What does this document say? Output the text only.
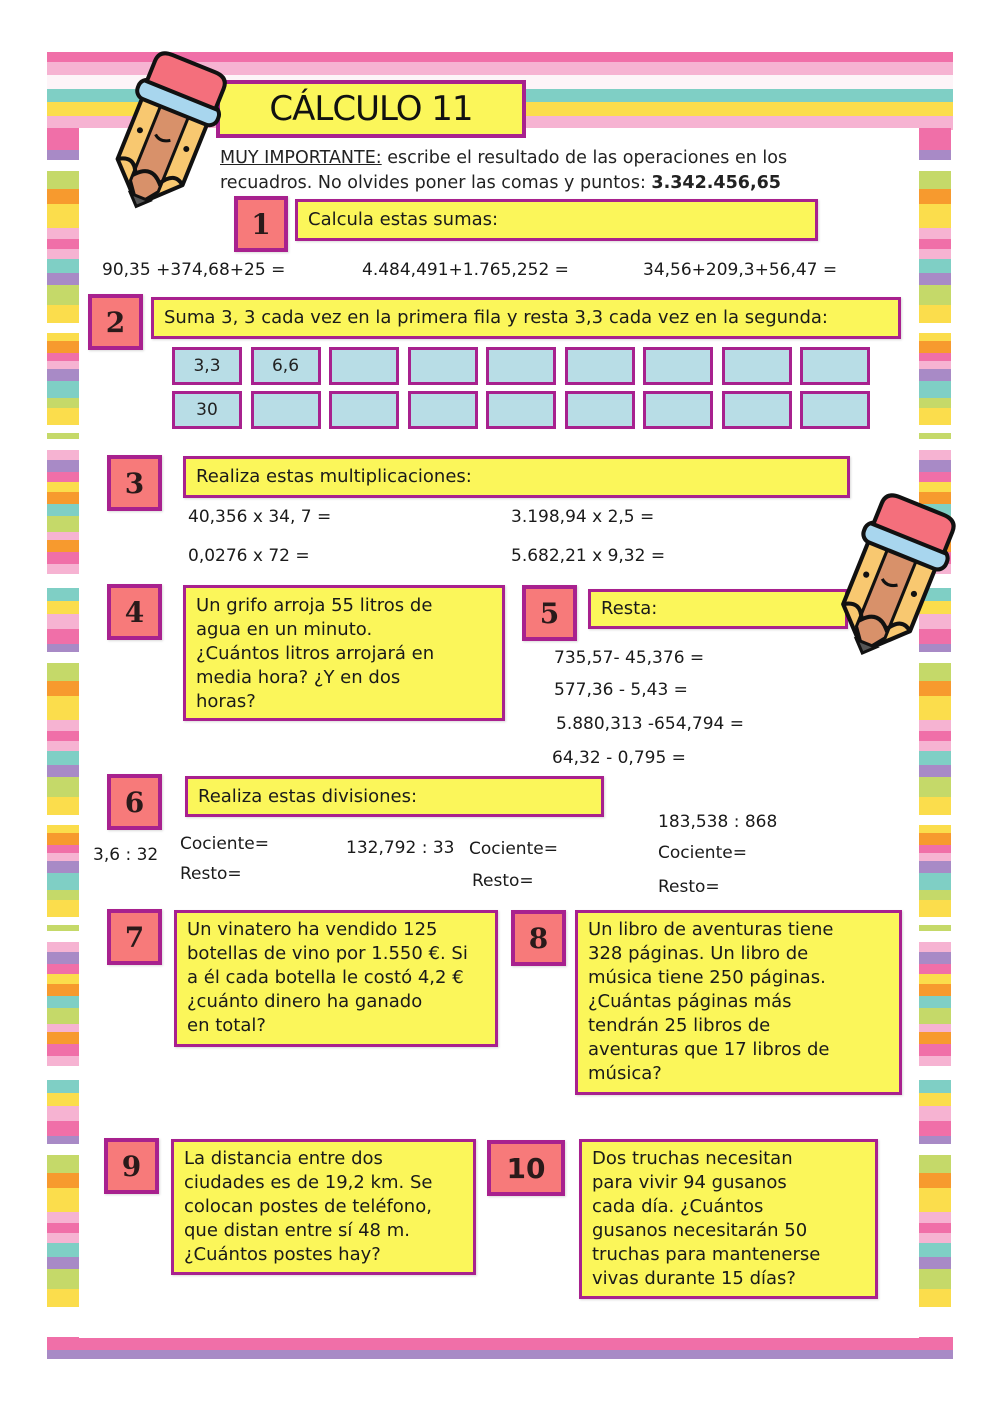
CÁLCULO 11
MUY IMPORTANTE: escribe el resultado de las operaciones en los
recuadros. No olvides poner las comas y puntos: 3.342.456,65
1	Calcula estas sumas:
90,35 +374,68+25 =	4.484,491+1.765,252 =	34,56+209,3+56,47 =
2	Suma 3, 3 cada vez en la primera fila y resta 3,3 cada vez en la segunda:
3,3	6,6
30
3	Realiza estas multiplicaciones:
40,356 x 34, 7 =	3.198,94 x 2,5 =
0,0276 x 72 =	5.682,21 x 9,32 =
4	Un grifo arroja 55 litros de
agua en un minuto.
¿Cuántos litros arrojará en
media hora? ¿Y en dos
horas?
5	Resta:
735,57- 45,376 =
577,36 - 5,43 =
5.880,313 -654,794 =
64,32 - 0,795 =
6	Realiza estas divisiones:
3,6 : 32
Cociente=
Resto=
132,792 : 33 Cociente=
Resto=
183,538 : 868
Cociente=
Resto=
7	Un vinatero ha vendido 125
botellas de vino por 1.550 €. Si
a él cada botella le costó 4,2 €
¿cuánto dinero ha ganado
en total?
8	Un libro de aventuras tiene
328 páginas. Un libro de
música tiene 250 páginas.
¿Cuántas páginas más
tendrán 25 libros de
aventuras que 17 libros de
música?
9	La distancia entre dos
ciudades es de 19,2 km. Se
colocan postes de teléfono,
que distan entre sí 48 m.
¿Cuántos postes hay?
10	Dos truchas necesitan
para vivir 94 gusanos
cada día. ¿Cuántos
gusanos necesitarán 50
truchas para mantenerse
vivas durante 15 días?
